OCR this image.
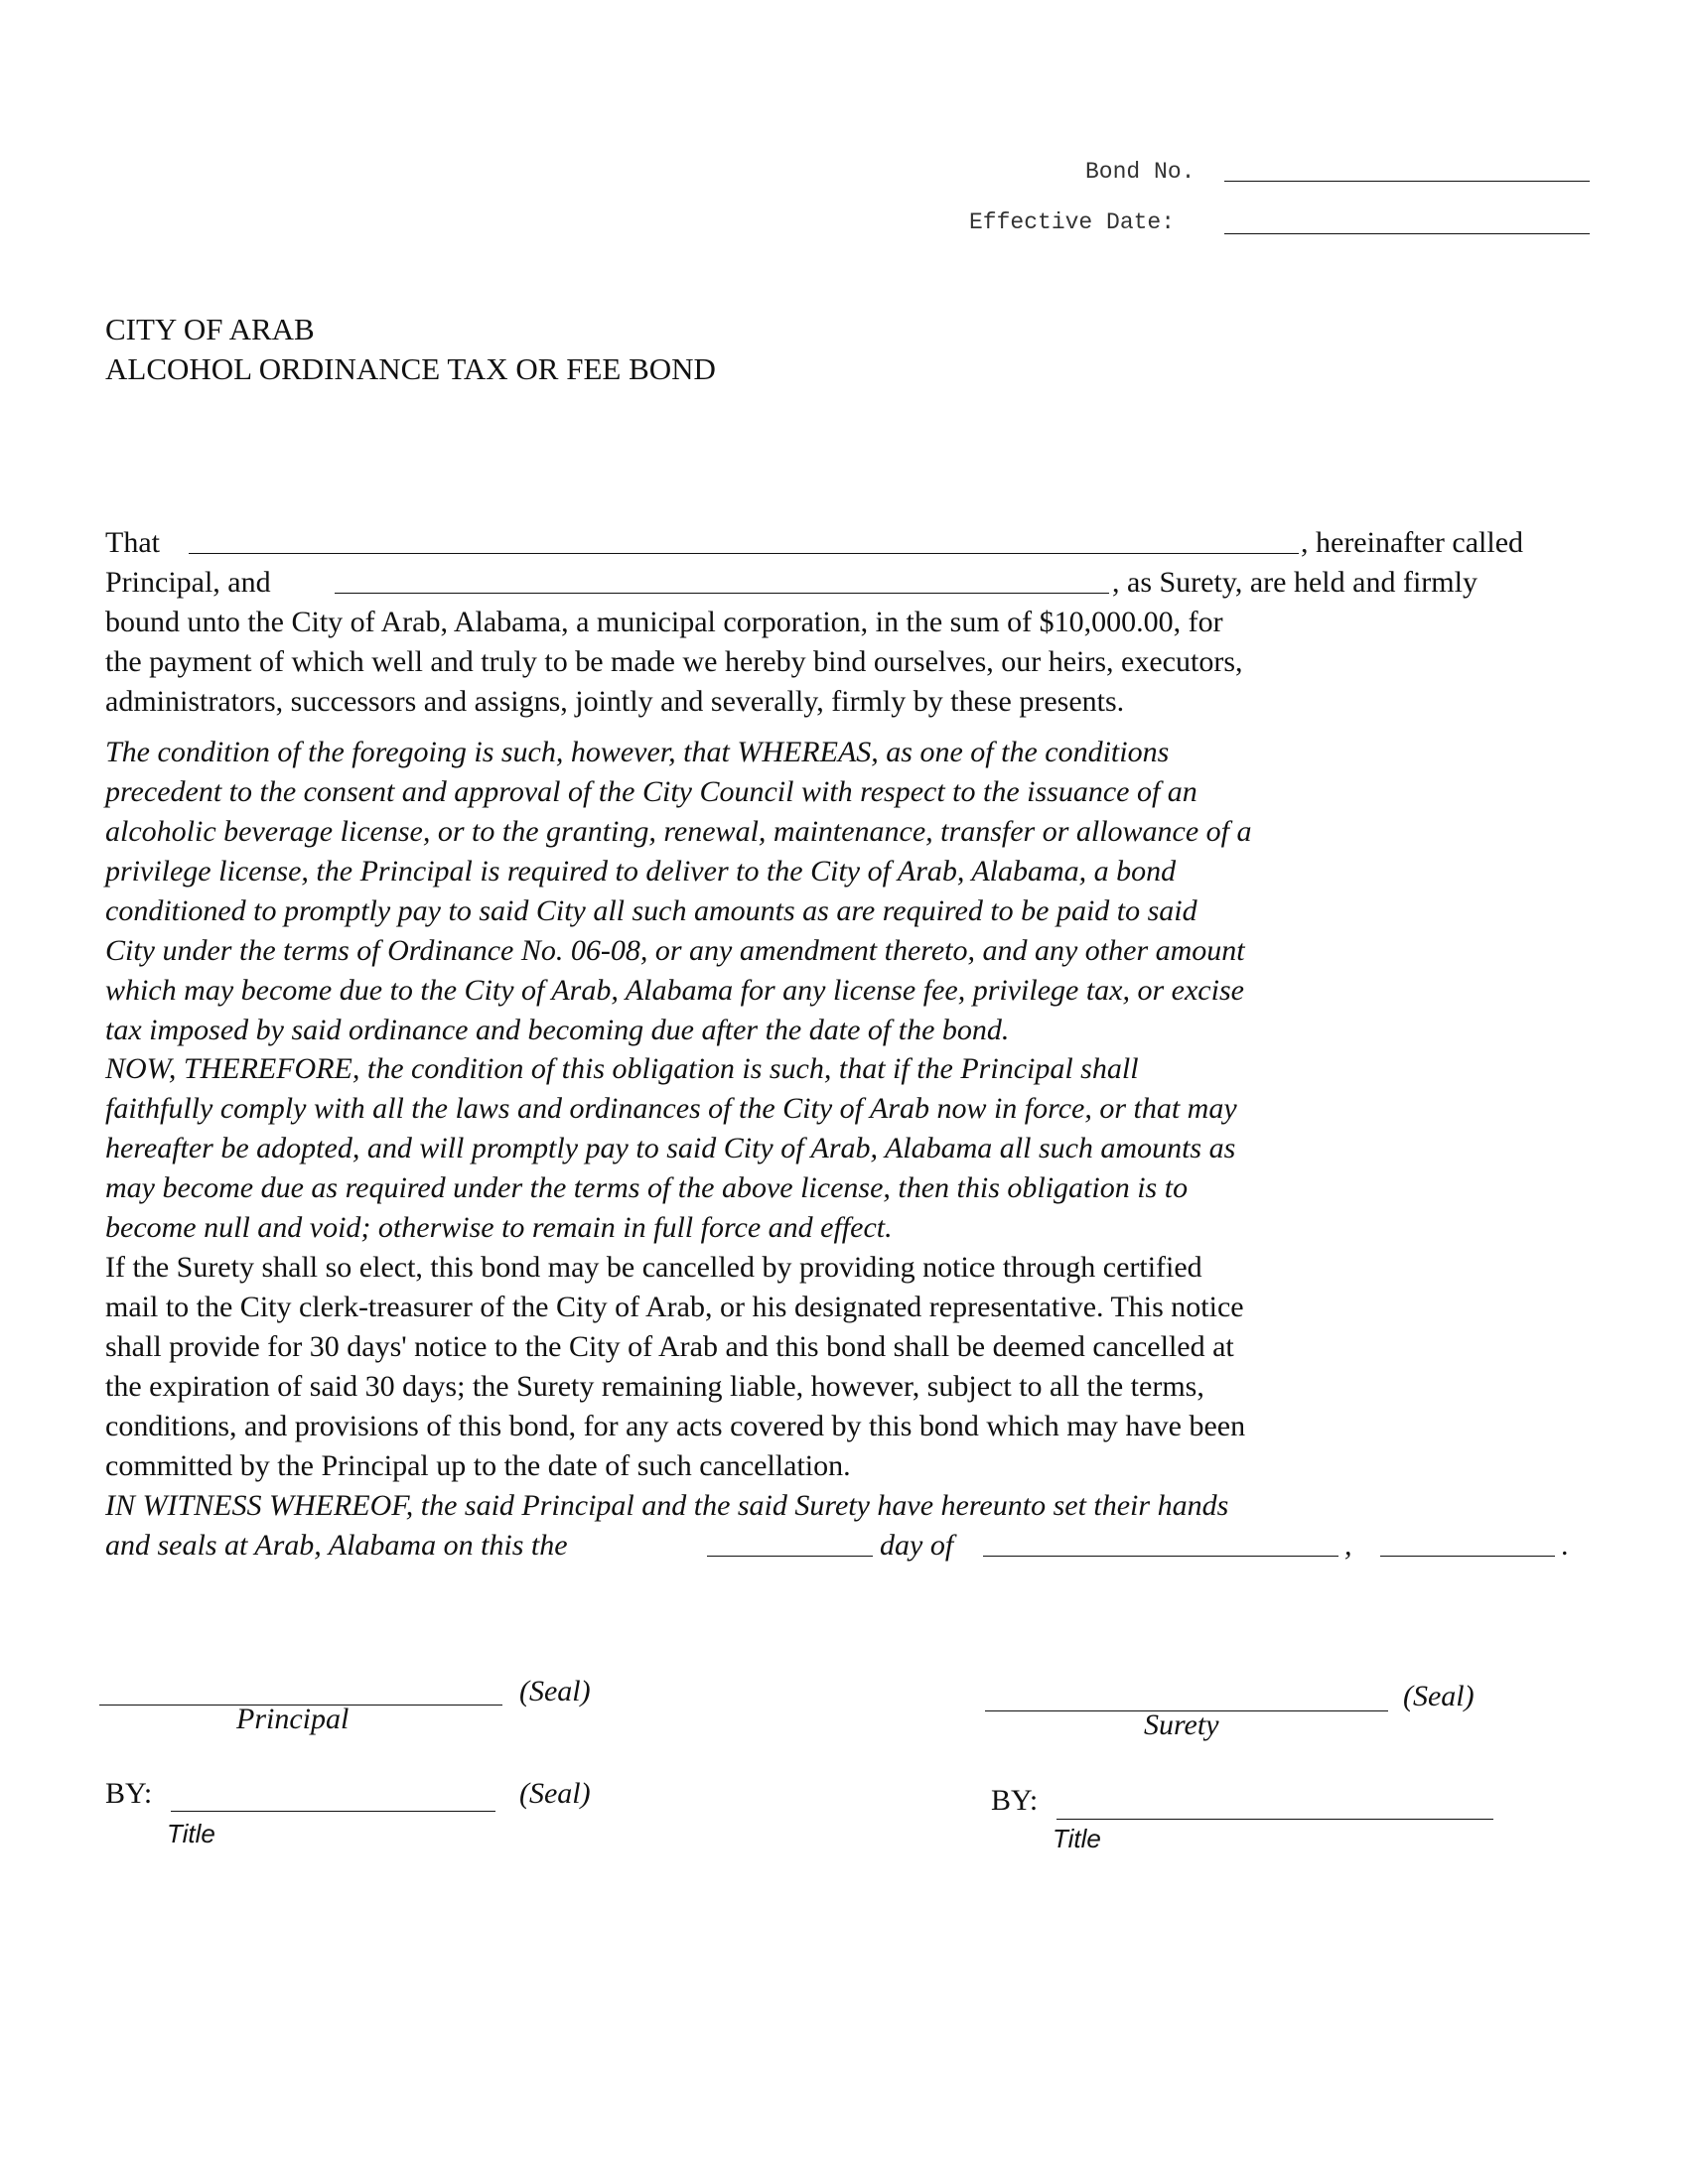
Bond No.
Effective Date:
CITY OF ARAB
ALCOHOL ORDINANCE TAX OR FEE BOND
That	, hereinafter called
Principal, and	, as Surety, are held and firmly
bound unto the City of Arab, Alabama, a municipal corporation, in the sum of $10,000.00, for
the payment of which well and truly to be made we hereby bind ourselves, our heirs, executors,
administrators, successors and assigns, jointly and severally, firmly by these presents.
The condition of the foregoing is such, however, that WHEREAS, as one of the conditions
precedent to the consent and approval of the City Council with respect to the issuance of an
alcoholic beverage license, or to the granting, renewal, maintenance, transfer or allowance of a
privilege license, the Principal is required to deliver to the City of Arab, Alabama, a bond
conditioned to promptly pay to said City all such amounts as are required to be paid to said
City under the terms of Ordinance No. 06-08, or any amendment thereto, and any other amount
which may become due to the City of Arab, Alabama for any license fee, privilege tax, or excise
tax imposed by said ordinance and becoming due after the date of the bond.
NOW, THEREFORE, the condition of this obligation is such, that if the Principal shall
faithfully comply with all the laws and ordinances of the City of Arab now in force, or that may
hereafter be adopted, and will promptly pay to said City of Arab, Alabama all such amounts as
may become due as required under the terms of the above license, then this obligation is to
become null and void; otherwise to remain in full force and effect.
If the Surety shall so elect, this bond may be cancelled by providing notice through certified
mail to the City clerk-treasurer of the City of Arab, or his designated representative. This notice
shall provide for 30 days' notice to the City of Arab and this bond shall be deemed cancelled at
the expiration of said 30 days; the Surety remaining liable, however, subject to all the terms,
conditions, and provisions of this bond, for any acts covered by this bond which may have been
committed by the Principal up to the date of such cancellation.
IN WITNESS WHEREOF, the said Principal and the said Surety have hereunto set their hands
and seals at Arab, Alabama on this the	day of	,	.
(Seal)
Principal
BY:	(Seal)
Title
(Seal)
Surety
BY:
Title
